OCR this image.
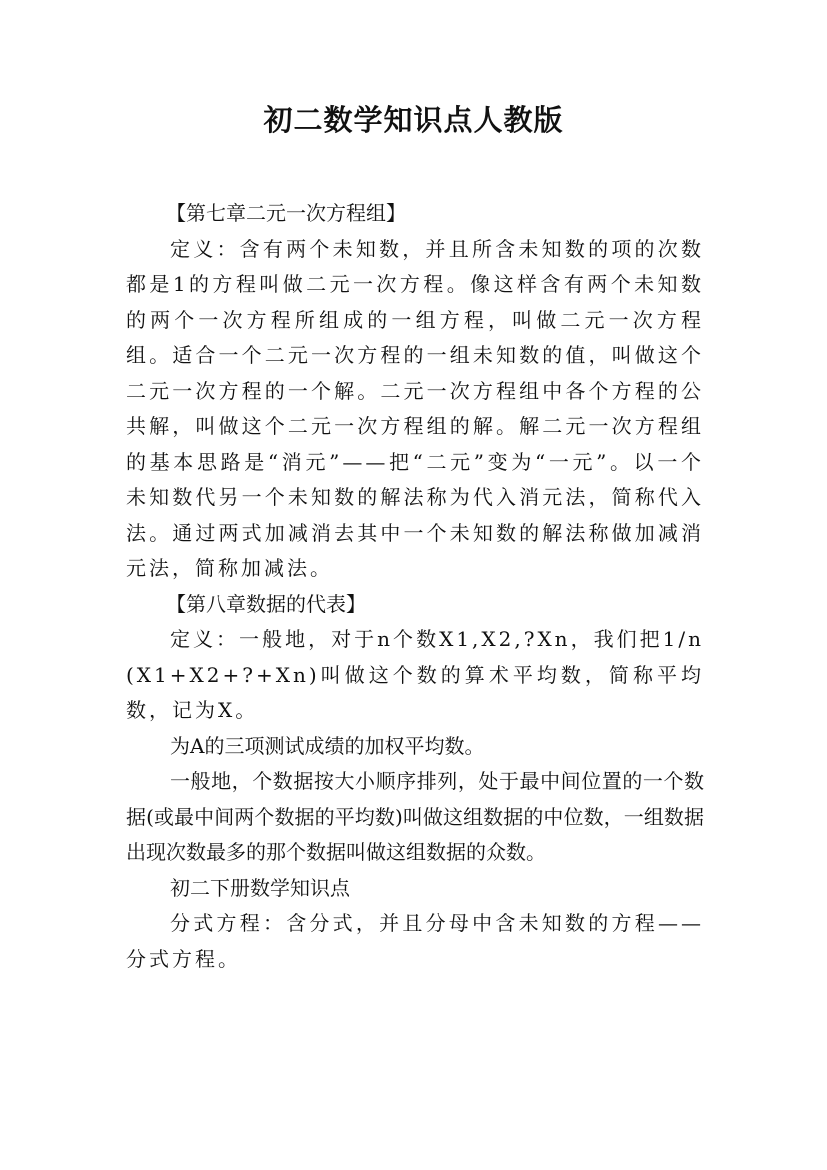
初二数学知识点人教版

【第七章二元一次方程组】

定义：含有两个未知数，并且所含未知数的项的次数都是1的方程叫做二元一次方程。像这样含有两个未知数的两个一次方程所组成的一组方程，叫做二元一次方程组。适合一个二元一次方程的一组未知数的值，叫做这个二元一次方程的一个解。二元一次方程组中各个方程的公共解，叫做这个二元一次方程组的解。解二元一次方程组的基本思路是“消元”——把“二元”变为“一元”。以一个未知数代另一个未知数的解法称为代入消元法，简称代入法。通过两式加减消去其中一个未知数的解法称做加减消元法，简称加减法。

【第八章数据的代表】

定义：一般地，对于n个数X1,X2,?Xn，我们把1/n(X1+X2+?+Xn)叫做这个数的算术平均数，简称平均数，记为X。

为A的三项测试成绩的加权平均数。

一般地，个数据按大小顺序排列，处于最中间位置的一个数据(或最中间两个数据的平均数)叫做这组数据的中位数，一组数据出现次数最多的那个数据叫做这组数据的众数。

初二下册数学知识点

分式方程：含分式，并且分母中含未知数的方程——分式方程。
